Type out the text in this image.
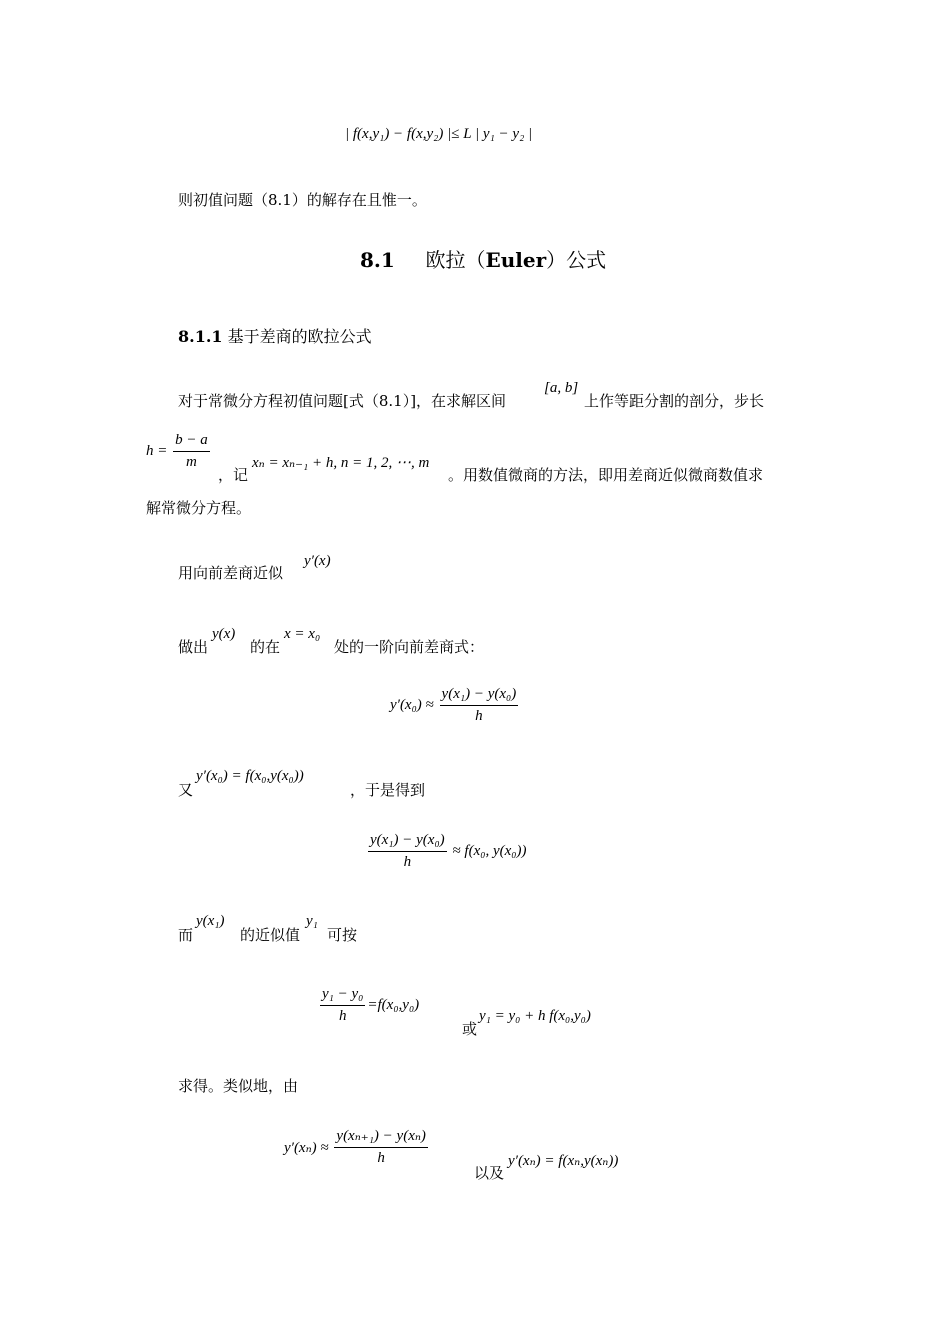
| f(x,y₁) − f(x,y₂) |≤ L | y₁ − y₂ |
则初值问题（8.1）的解存在且惟一。
8.1 欧拉（Euler）公式
8.1.1 基于差商的欧拉公式
对于常微分方程初值问题[式（8.1）]，在求解区间
[a, b]
上作等距分割的剖分，步长
$h = \frac{b - a}{m}$
，记
xₙ = xₙ₋₁ + h, n = 1, 2, ⋯, m
。用数值微商的方法，即用差商近似微商数值求
解常微分方程。
用向前差商近似
y′(x)
做出
y(x)
的在
x = x₀
处的一阶向前差商式：
$y'(x_0) \approx \frac{\text{y(x₁) − y(x₀)}}{h}$
又
y′(x₀) = f(x₀,y(x₀))
，于是得到
$\frac{\text{y(x₁) − y(x₀)}}{h} \approx f(x_0$, y(x₀))
而
y(x₁)
的近似值
y₁
可按
$\frac{\text{y₁ − y₀}}{h} =f(x_0,y_0)$
或
y₁ = y₀ + h f(x₀,y₀)
求得。类似地，由
$y'(x_n) \approx \frac{\text{y(xₙ₊₁) − y(xₙ)}}{h}$
以及
y′(xₙ) = f(xₙ,y(xₙ))
